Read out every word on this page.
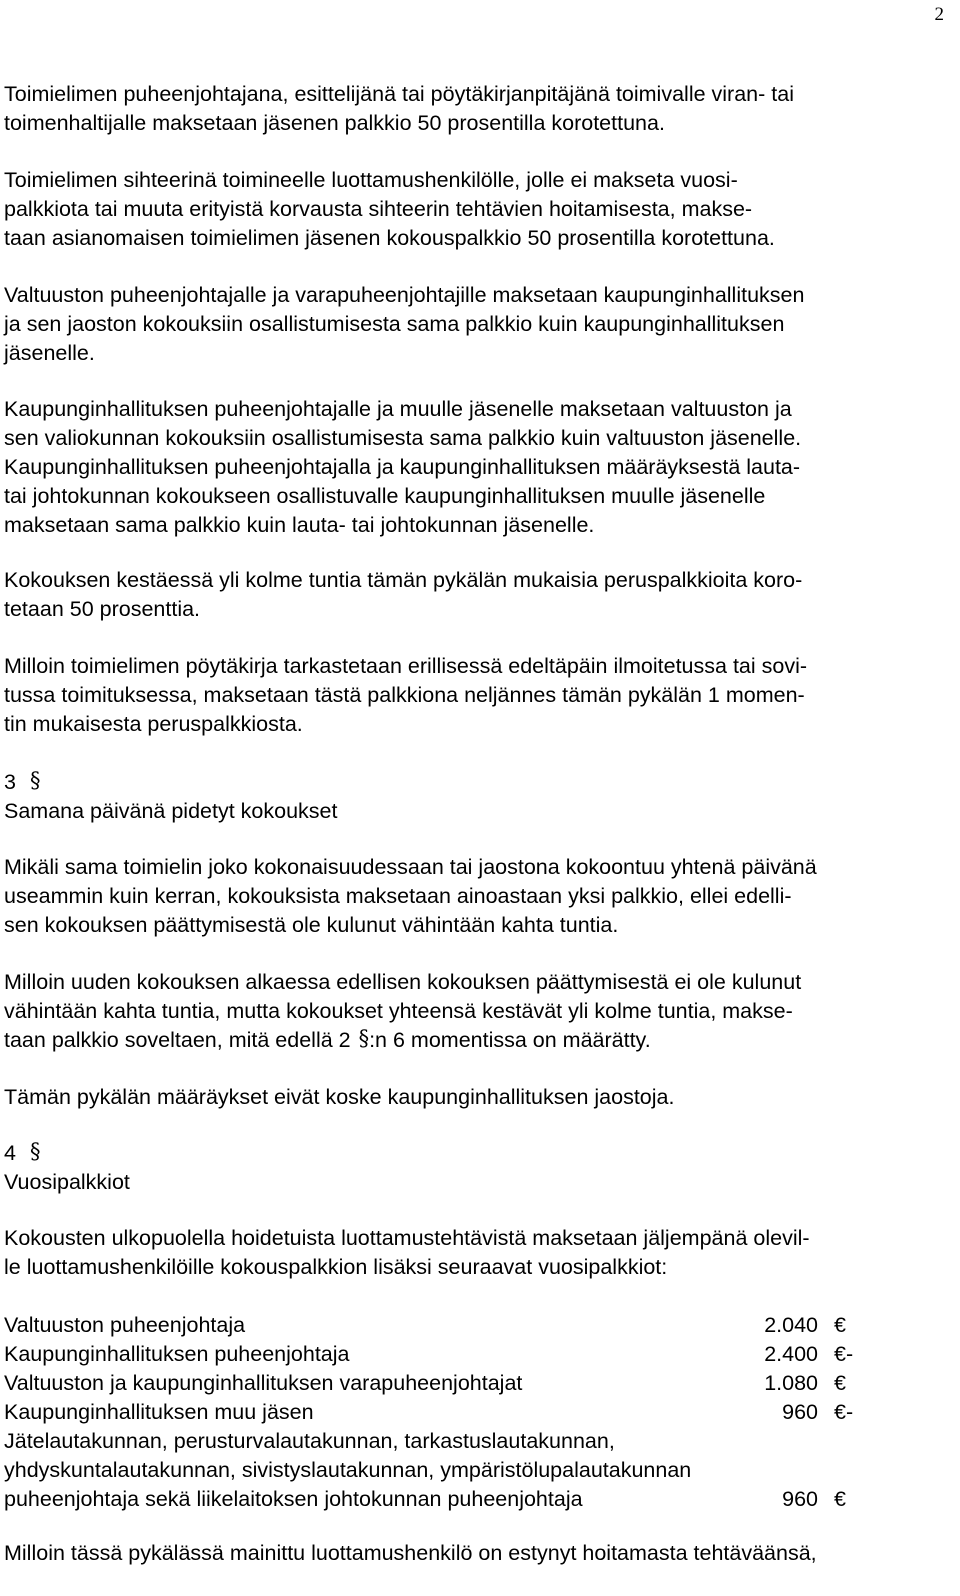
2
Toimielimen puheenjohtajana, esittelijänä tai pöytäkirjanpitäjänä toimivalle viran- tai
toimenhaltijalle maksetaan jäsenen palkkio 50 prosentilla korotettuna.
Toimielimen sihteerinä toimineelle luottamushenkilölle, jolle ei makseta vuosi-
palkkiota tai muuta erityistä korvausta sihteerin tehtävien hoitamisesta, makse-
taan asianomaisen toimielimen jäsenen kokouspalkkio 50 prosentilla korotettuna.
Valtuuston puheenjohtajalle ja varapuheenjohtajille maksetaan kaupunginhallituksen
ja sen jaoston kokouksiin osallistumisesta sama palkkio kuin kaupunginhallituksen
jäsenelle.
Kaupunginhallituksen puheenjohtajalle ja muulle jäsenelle maksetaan valtuuston ja
sen valiokunnan kokouksiin osallistumisesta sama palkkio kuin valtuuston jäsenelle.
Kaupunginhallituksen puheenjohtajalla ja kaupunginhallituksen määräyksestä lauta-
tai johtokunnan kokoukseen osallistuvalle kaupunginhallituksen muulle jäsenelle
maksetaan sama palkkio kuin lauta- tai johtokunnan jäsenelle.
Kokouksen kestäessä yli kolme tuntia tämän pykälän mukaisia peruspalkkioita koro-
tetaan 50 prosenttia.
Milloin toimielimen pöytäkirja tarkastetaan erillisessä edeltäpäin ilmoitetussa tai sovi-
tussa toimituksessa, maksetaan tästä palkkiona neljännes tämän pykälän 1 momen-
tin mukaisesta peruspalkkiosta.
3 §
Samana päivänä pidetyt kokoukset
Mikäli sama toimielin joko kokonaisuudessaan tai jaostona kokoontuu yhtenä päivänä
useammin kuin kerran, kokouksista maksetaan ainoastaan yksi palkkio, ellei edelli-
sen kokouksen päättymisestä ole kulunut vähintään kahta tuntia.
Milloin uuden kokouksen alkaessa edellisen kokouksen päättymisestä ei ole kulunut
vähintään kahta tuntia, mutta kokoukset yhteensä kestävät yli kolme tuntia, makse-
taan palkkio soveltaen, mitä edellä 2 §:n 6 momentissa on määrätty.
Tämän pykälän määräykset eivät koske kaupunginhallituksen jaostoja.
4 §
Vuosipalkkiot
Kokousten ulkopuolella hoidetuista luottamustehtävistä maksetaan jäljempänä olevil-
le luottamushenkilöille kokouspalkkion lisäksi seuraavat vuosipalkkiot:
Valtuuston puheenjohtaja	2.040 €
Kaupunginhallituksen puheenjohtaja	2.400 €-
Valtuuston ja kaupunginhallituksen varapuheenjohtajat	1.080 €
Kaupunginhallituksen muu jäsen	960 €-
Jätelautakunnan, perusturvalautakunnan, tarkastuslautakunnan,
yhdyskuntalautakunnan, sivistyslautakunnan, ympäristölupalautakunnan
puheenjohtaja sekä liikelaitoksen johtokunnan puheenjohtaja	960 €
Milloin tässä pykälässä mainittu luottamushenkilö on estynyt hoitamasta tehtäväänsä,
